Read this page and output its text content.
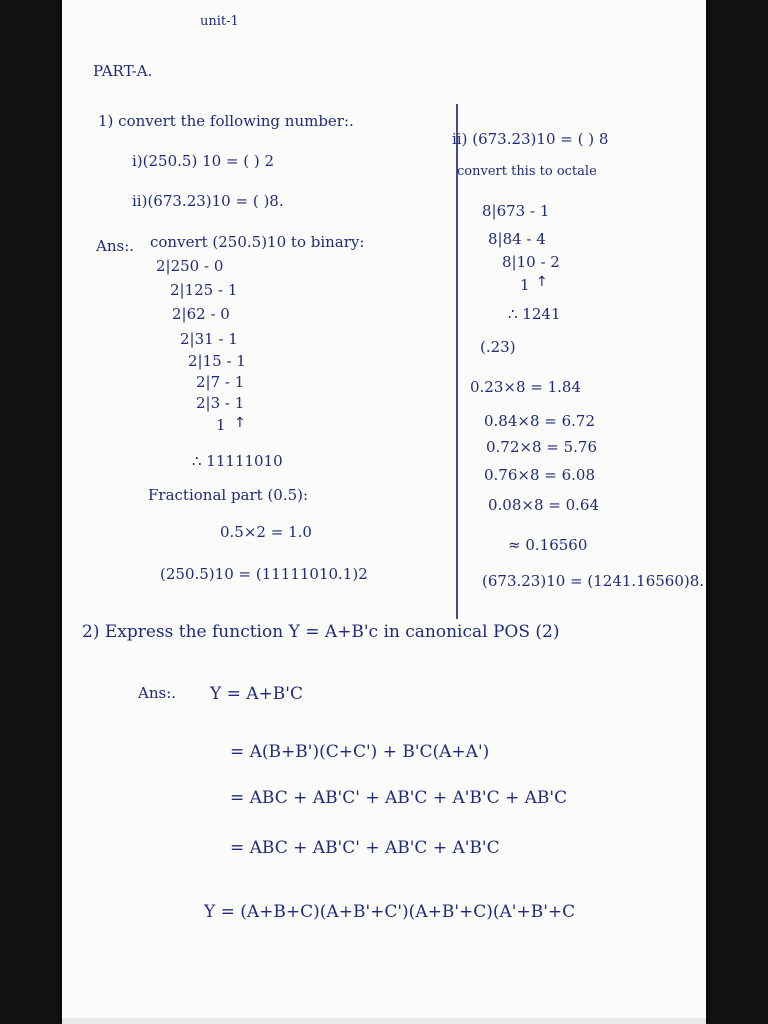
unit-1
PART-A.
1) convert the following number:.
i)(250.5) 10 = ( ) 2
ii)(673.23)10 = ( )8.
Ans:. convert (250.5)10 to binary:
2|250 - 0
2|125 - 1
2|62 - 0
2|31 - 1
2|15 - 1
2|7 - 1
2|3 - 1
1 ↑
∴ 11111010
Fractional part (0.5):
0.5×2 = 1.0
(250.5)10 = (11111010.1)2
ii) (673.23)10 = ( ) 8
convert this to octale
8|673 - 1
8|84 - 4
8|10 - 2
1 ↑
∴ 1241
(.23)
0.23×8 = 1.84
0.84×8 = 6.72
0.72×8 = 5.76
0.76×8 = 6.08
0.08×8 = 0.64
≈ 0.16560
(673.23)10 = (1241.16560)8.
2) Express the function Y = A+B'c in canonical POS (2)
Ans:. Y = A+B'C
= A(B+B')(C+C') + B'C(A+A')
= ABC + AB'C' + AB'C + A'B'C + AB'C
= ABC + AB'C' + AB'C + A'B'C
Y = (A+B+C)(A+B'+C')(A+B'+C)(A'+B'+C
